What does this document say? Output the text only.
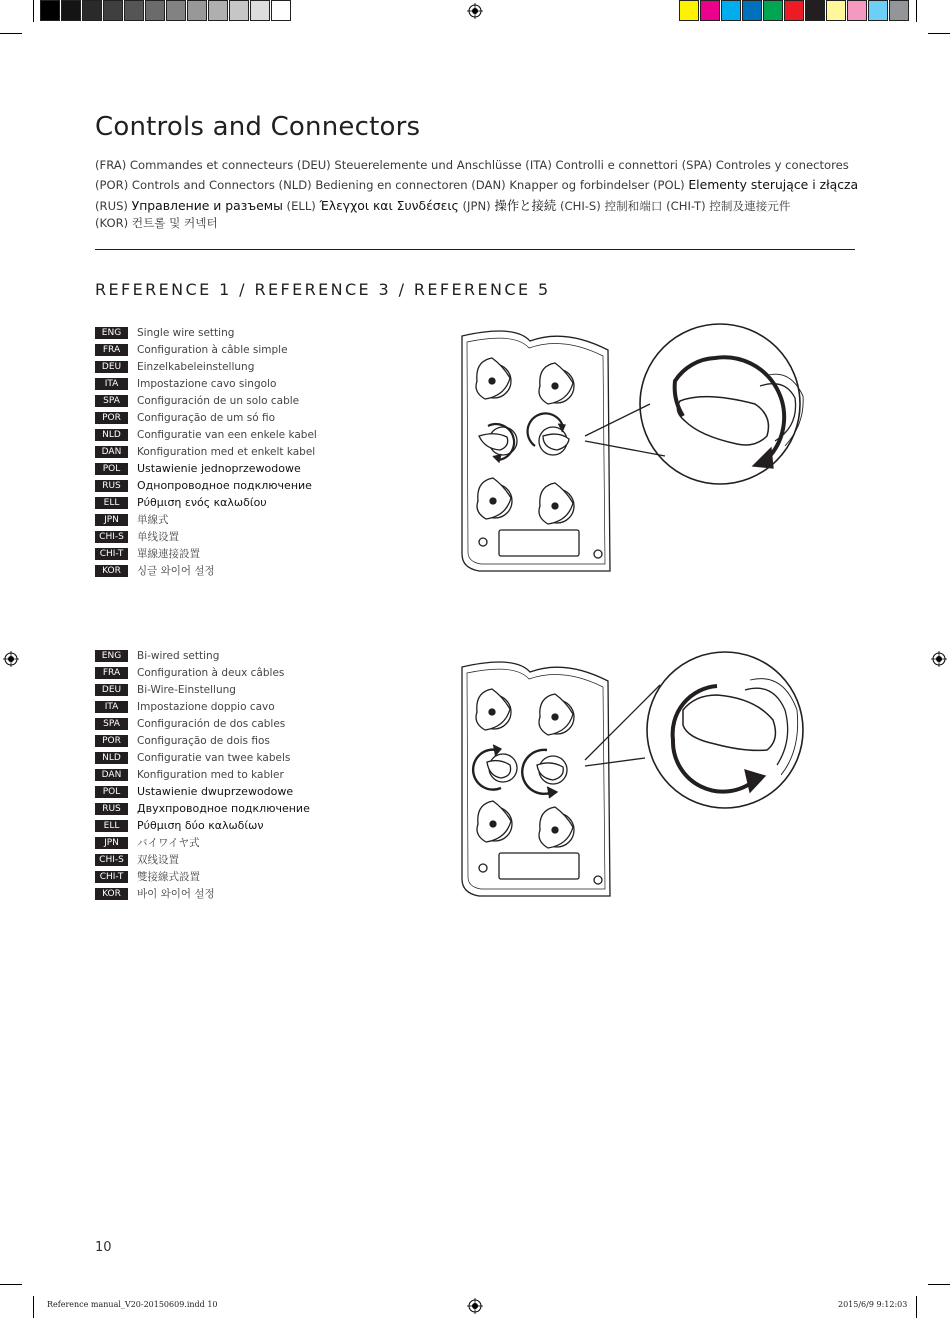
Controls and Connectors
(FRA) Commandes et connecteurs (DEU) Steuerelemente und Anschlüsse (ITA) Controlli e connettori (SPA) Controles y conectores
(POR) Controls and Connectors (NLD) Bediening en connectoren (DAN) Knapper og forbindelser (POL) Elementy sterujące i złącza
(RUS) Управление и разъемы (ELL) Έλεγχοι και Συνδέσεις (JPN) 操作と接続 (CHI-S) 控制和端口 (CHI-T) 控制及連接元件
(KOR) 컨트롤 및 커넥터
REFERENCE 1 / REFERENCE 3 / REFERENCE 5
ENG	Single wire setting
FRA	Configuration à câble simple
DEU	Einzelkabeleinstellung
ITA	Impostazione cavo singolo
SPA	Configuración de un solo cable
POR	Configuração de um só fio
NLD	Configuratie van een enkele kabel
DAN	Konfiguration med et enkelt kabel
POL	Ustawienie jednoprzewodowe
RUS	Однопроводное подключение
ELL	Ρύθμιση ενός καλωδίου
JPN	単線式
CHI-S	单线设置
CHI-T	單線連接設置
KOR	싱글 와이어 설정
ENG	Bi-wired setting
FRA	Configuration à deux câbles
DEU	Bi-Wire-Einstellung
ITA	Impostazione doppio cavo
SPA	Configuración de dos cables
POR	Configuração de dois fios
NLD	Configuratie van twee kabels
DAN	Konfiguration med to kabler
POL	Ustawienie dwuprzewodowe
RUS	Двухпроводное подключение
ELL	Ρύθμιση δύο καλωδίων
JPN	バイワイヤ式
CHI-S	双线设置
CHI-T	雙接線式設置
KOR	바이 와이어 설정
10
Reference manual_V20-20150609.indd 10	2015/6/9 9:12:03
